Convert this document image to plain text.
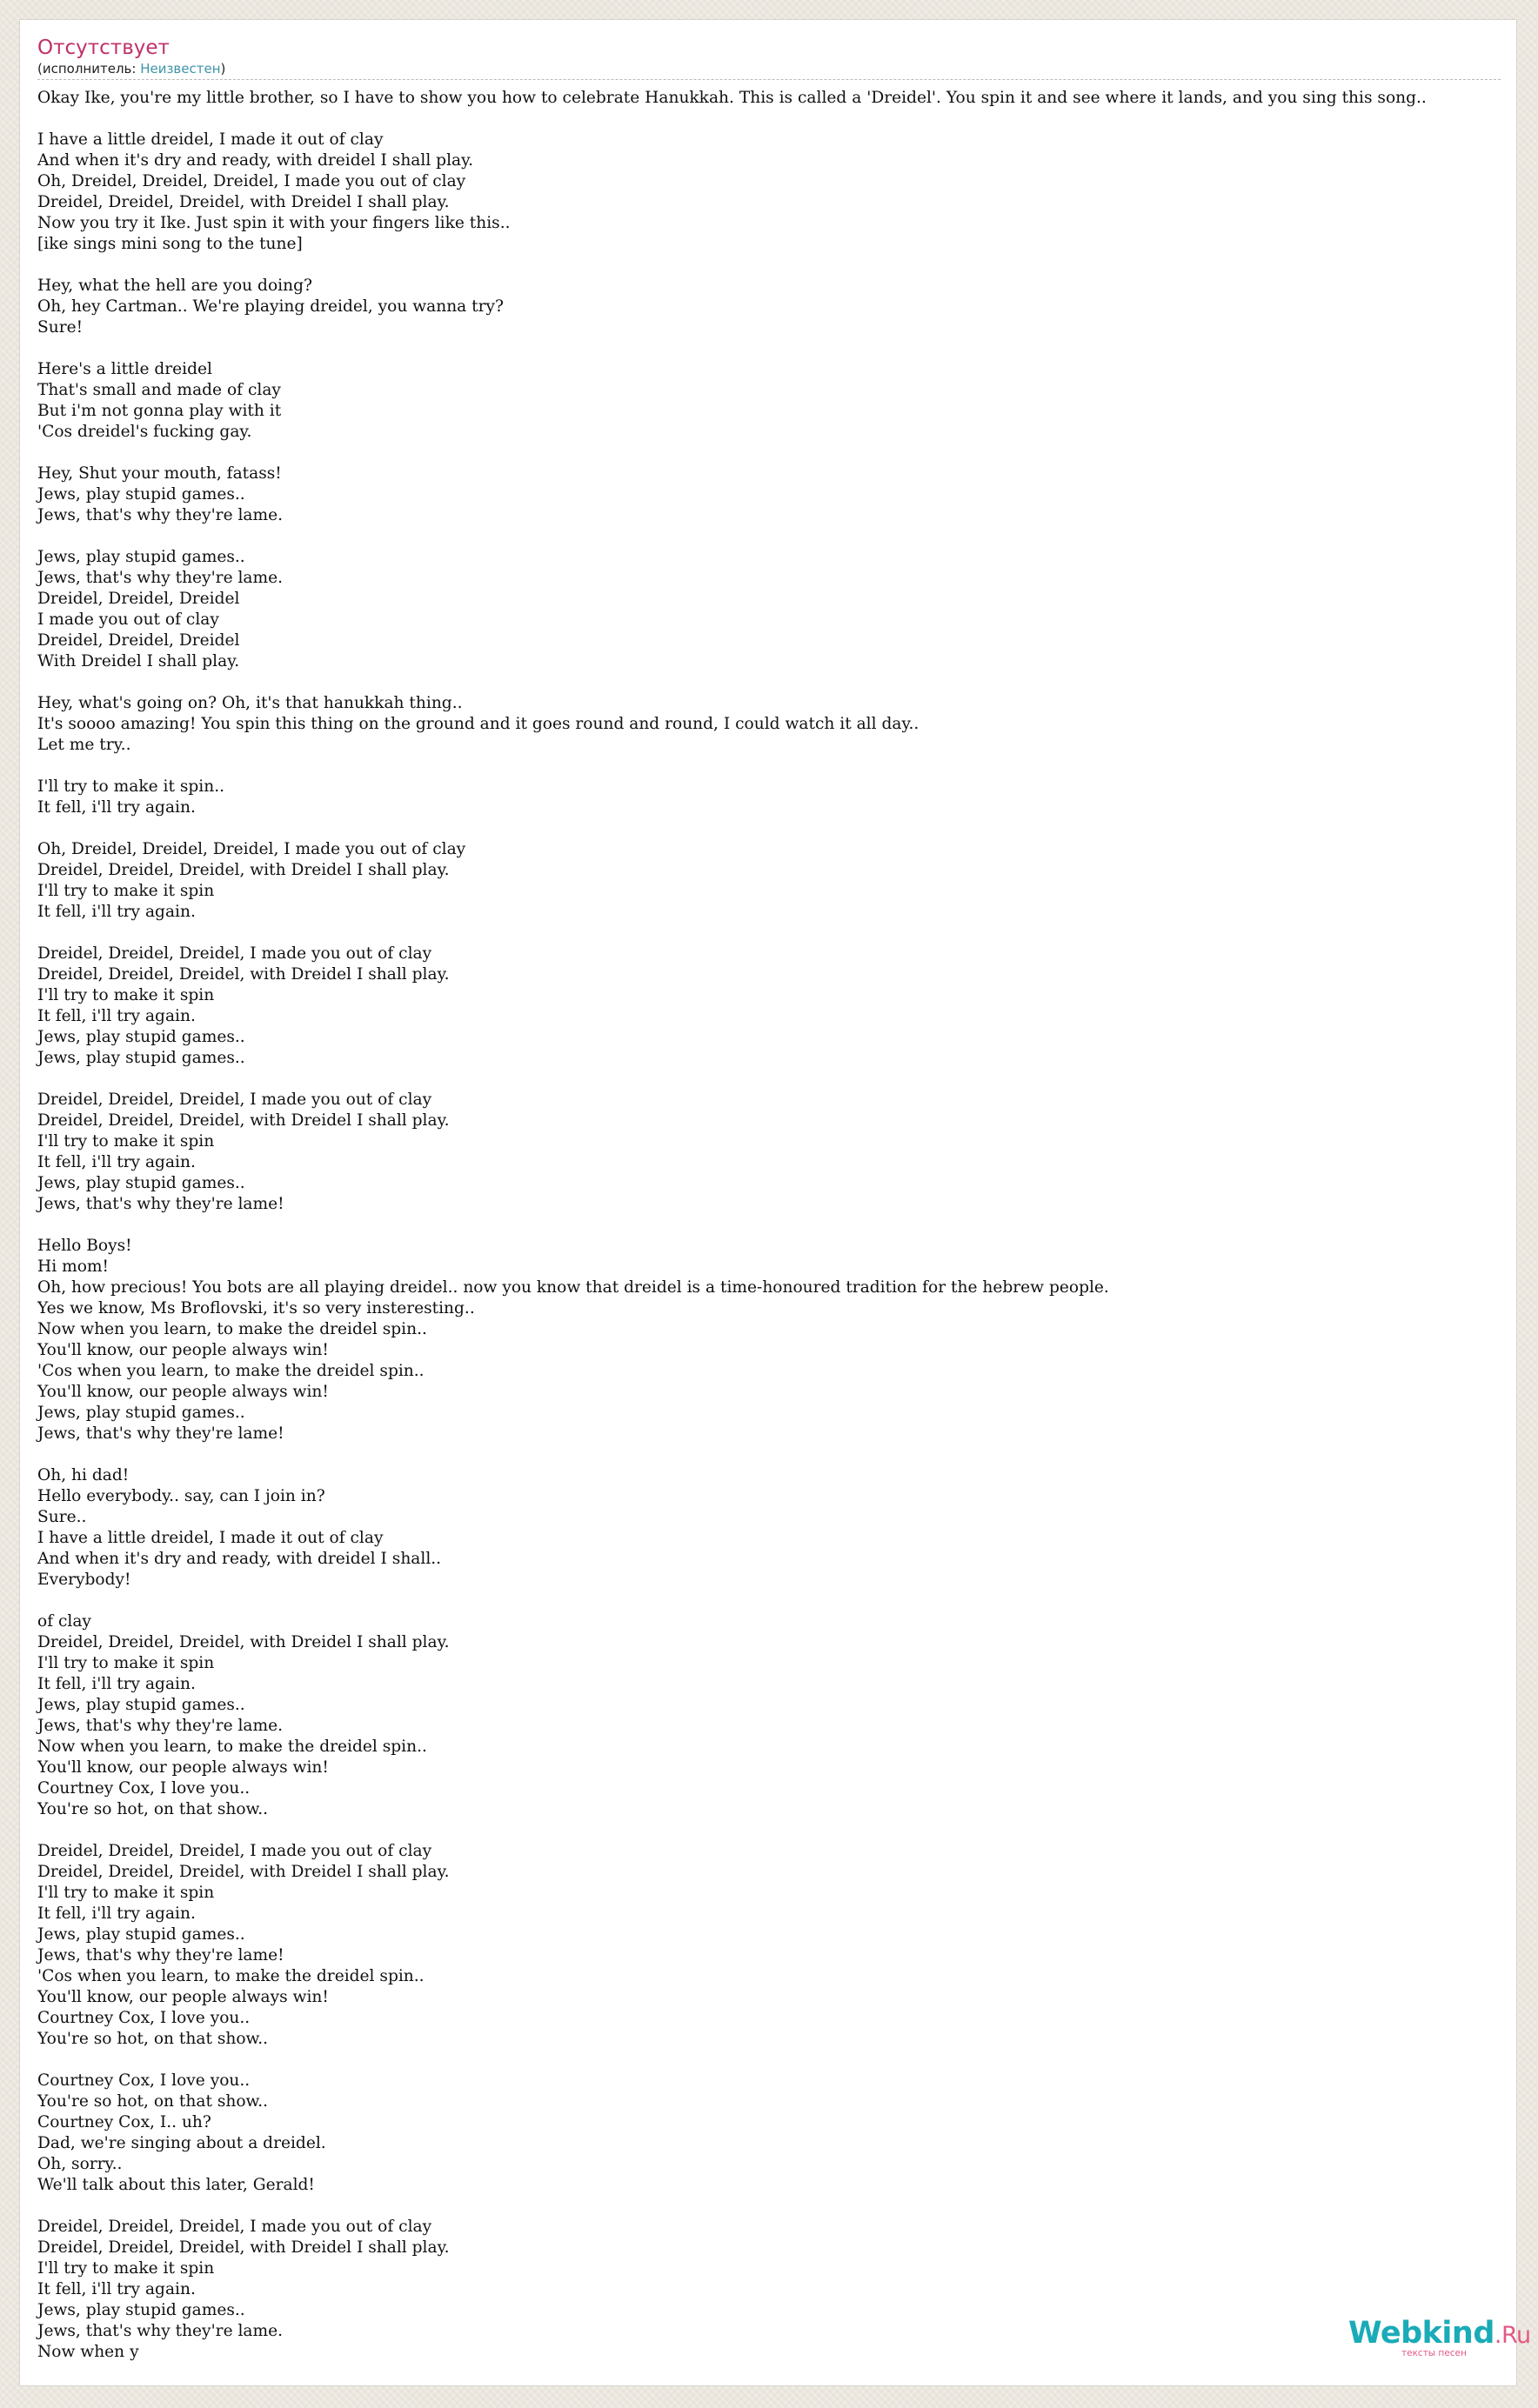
Отсутствует
(исполнитель: Неизвестен)
Okay Ike, you're my little brother, so I have to show you how to celebrate Hanukkah. This is called a 'Dreidel'. You spin it and see where it lands, and you sing this song..

I have a little dreidel, I made it out of clay
And when it's dry and ready, with dreidel I shall play.
Oh, Dreidel, Dreidel, Dreidel, I made you out of clay
Dreidel, Dreidel, Dreidel, with Dreidel I shall play.
Now you try it Ike. Just spin it with your fingers like this..
[ike sings mini song to the tune]

Hey, what the hell are you doing?
Oh, hey Cartman.. We're playing dreidel, you wanna try?
Sure!

Here's a little dreidel
That's small and made of clay
But i'm not gonna play with it
'Cos dreidel's fucking gay.

Hey, Shut your mouth, fatass!
Jews, play stupid games..
Jews, that's why they're lame.

Jews, play stupid games..
Jews, that's why they're lame.
Dreidel, Dreidel, Dreidel
I made you out of clay
Dreidel, Dreidel, Dreidel
With Dreidel I shall play.

Hey, what's going on? Oh, it's that hanukkah thing..
It's soooo amazing! You spin this thing on the ground and it goes round and round, I could watch it all day..
Let me try..

I'll try to make it spin..
It fell, i'll try again.

Oh, Dreidel, Dreidel, Dreidel, I made you out of clay
Dreidel, Dreidel, Dreidel, with Dreidel I shall play.
I'll try to make it spin
It fell, i'll try again.

Dreidel, Dreidel, Dreidel, I made you out of clay
Dreidel, Dreidel, Dreidel, with Dreidel I shall play.
I'll try to make it spin
It fell, i'll try again.
Jews, play stupid games..
Jews, play stupid games..

Dreidel, Dreidel, Dreidel, I made you out of clay
Dreidel, Dreidel, Dreidel, with Dreidel I shall play.
I'll try to make it spin
It fell, i'll try again.
Jews, play stupid games..
Jews, that's why they're lame!

Hello Boys!
Hi mom!
Oh, how precious! You bots are all playing dreidel.. now you know that dreidel is a time-honoured tradition for the hebrew people.
Yes we know, Ms Broflovski, it's so very insteresting..
Now when you learn, to make the dreidel spin..
You'll know, our people always win!
'Cos when you learn, to make the dreidel spin..
You'll know, our people always win!
Jews, play stupid games..
Jews, that's why they're lame!

Oh, hi dad!
Hello everybody.. say, can I join in?
Sure..
I have a little dreidel, I made it out of clay
And when it's dry and ready, with dreidel I shall..
Everybody!

of clay
Dreidel, Dreidel, Dreidel, with Dreidel I shall play.
I'll try to make it spin
It fell, i'll try again.
Jews, play stupid games..
Jews, that's why they're lame.
Now when you learn, to make the dreidel spin..
You'll know, our people always win!
Courtney Cox, I love you..
You're so hot, on that show..

Dreidel, Dreidel, Dreidel, I made you out of clay
Dreidel, Dreidel, Dreidel, with Dreidel I shall play.
I'll try to make it spin
It fell, i'll try again.
Jews, play stupid games..
Jews, that's why they're lame!
'Cos when you learn, to make the dreidel spin..
You'll know, our people always win!
Courtney Cox, I love you..
You're so hot, on that show..

Courtney Cox, I love you..
You're so hot, on that show..
Courtney Cox, I.. uh?
Dad, we're singing about a dreidel.
Oh, sorry..
We'll talk about this later, Gerald!

Dreidel, Dreidel, Dreidel, I made you out of clay
Dreidel, Dreidel, Dreidel, with Dreidel I shall play.
I'll try to make it spin
It fell, i'll try again.
Jews, play stupid games..
Jews, that's why they're lame.
Now when y
Webkind.Ru
тексты песен
